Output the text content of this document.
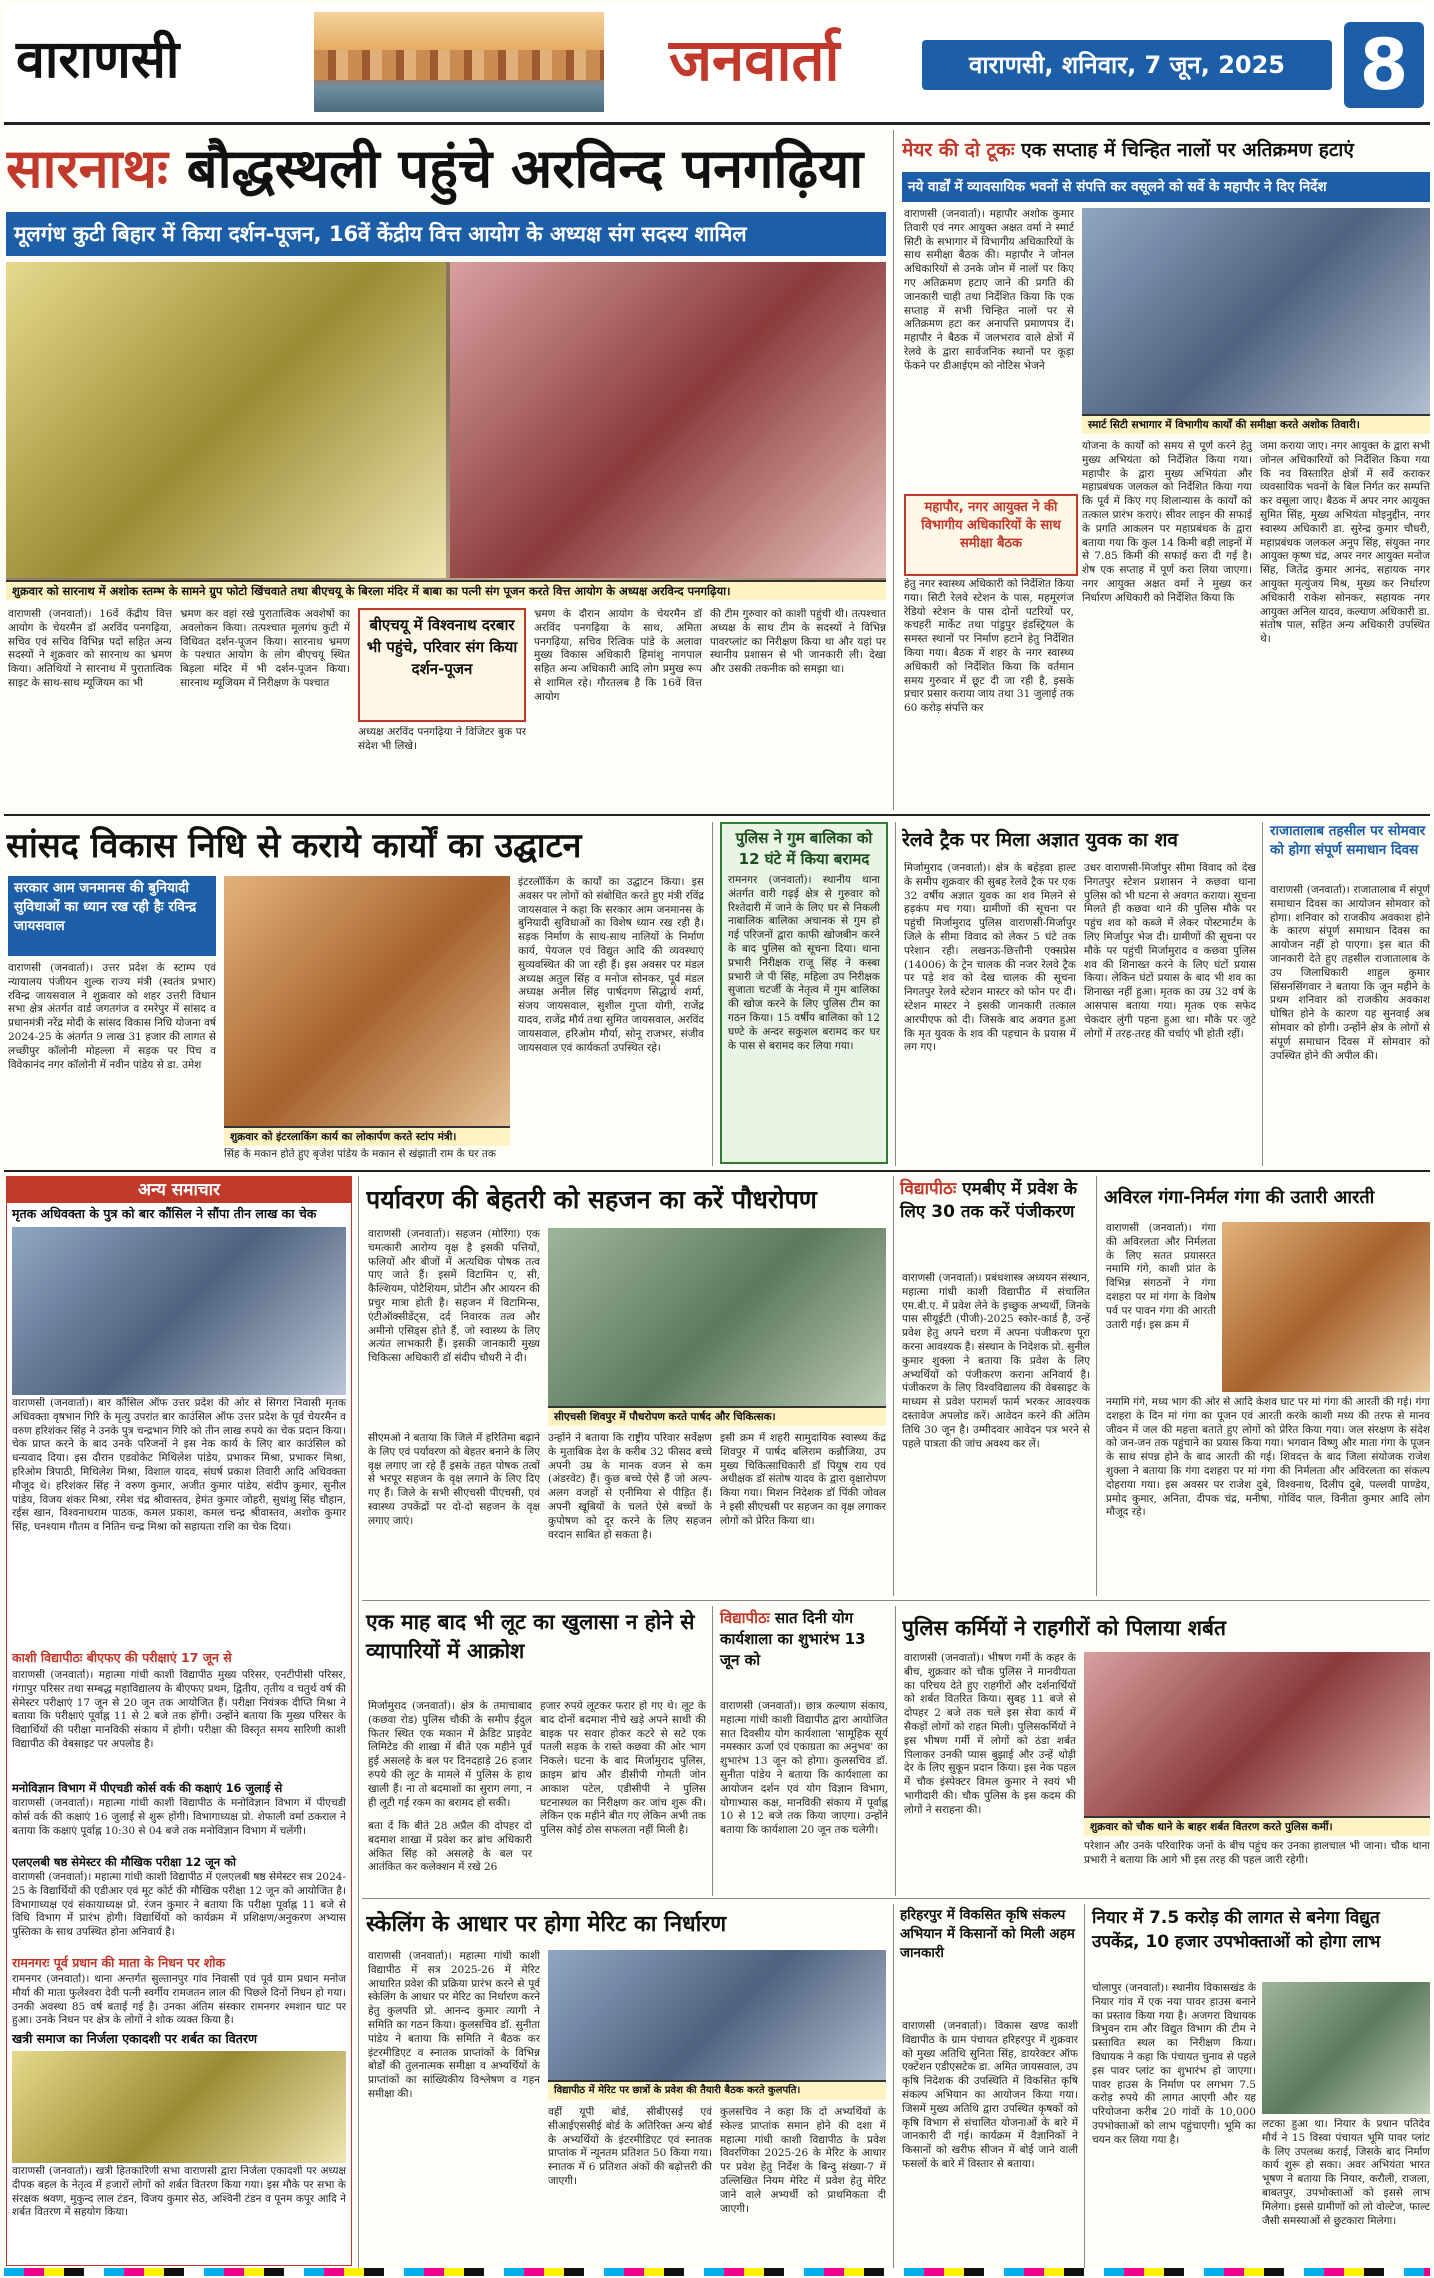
वाराणसी	जनवार्ता	वाराणसी, शनिवार, 7 जून, 2025	8
सारनाथः बौद्धस्थली पहुंचे अरविन्द पनगढ़िया
मूलगंध कुटी बिहार में किया दर्शन-पूजन, 16वें केंद्रीय वित्त आयोग के अध्यक्ष संग सदस्य शामिल
शुक्रवार को सारनाथ में अशोक स्तम्भ के सामने ग्रुप फोटो खिंचवाते तथा बीएचयू के बिरला मंदिर में बाबा का पत्नी संग पूजन करते वित्त आयोग के अध्यक्ष अरविन्द पनगढ़िया।
वाराणसी (जनवार्ता)। 16वें केंद्रीय वित्त आयोग के चेयरमैन डॉ अरविंद पनगढ़िया, सचिव एवं सचिव विभिन्न पदों सहित अन्य सदस्यों ने शुक्रवार को सारनाथ का भ्रमण किया। अतिथियों ने सारनाथ में पुरातात्विक साइट के साथ-साथ म्यूजियम का भी
भ्रमण कर वहां रखे पुरातात्विक अवशेषों का अवलोकन किया। तत्पश्चात मूलगंध कुटी में विधिवत दर्शन-पूजन किया। सारनाथ भ्रमण के पश्चात आयोग के लोग बीएचयू स्थित बिड़ला मंदिर में भी दर्शन-पूजन किया। सारनाथ म्यूजियम में निरीक्षण के पश्चात
बीएचयू में विश्वनाथ दरबार भी पहुंचे, परिवार संग किया दर्शन-पूजन
अध्यक्ष अरविंद पनगढ़िया ने विजिटर बुक पर संदेश भी लिखे।
भ्रमण के दौरान आयोग के चेयरमैन डॉ अरविंद पनगढ़िया के साथ, अमिता पनगढ़िया, सचिव रित्विक पांडे के अलावा मुख्य विकास अधिकारी हिमांशु नागपाल सहित अन्य अधिकारी आदि लोग प्रमुख रूप से शामिल रहे। गौरतलब है कि 16वें वित्त आयोग
की टीम गुरुवार को काशी पहुंची थी। तत्पश्चात अध्यक्ष के साथ टीम के सदस्यों ने विभिन्न पावरप्लांट का निरीक्षण किया था और यहां पर स्थानीय प्रशासन से भी जानकारी ली। देखा और उसकी तकनीक को समझा था।
मेयर की दो टूकः एक सप्ताह में चिन्हित नालों पर अतिक्रमण हटाएं
नये वार्डों में व्यावसायिक भवनों से संपत्ति कर वसूलने को सर्वे के महापौर ने दिए निर्देश
वाराणसी (जनवार्ता)। महापौर अशोक कुमार तिवारी एवं नगर आयुक्त अक्षत वर्मा ने स्मार्ट सिटी के सभागार में विभागीय अधिकारियों के साथ समीक्षा बैठक की। महापौर ने जोनल अधिकारियों से उनके जोन में नालों पर किए गए अतिक्रमण हटाए जाने की प्रगति की जानकारी चाही तथा निर्देशित किया कि एक सप्ताह में सभी चिन्हित नालों पर से अतिक्रमण हटा कर अनापत्ति प्रमाणपत्र दें। महापौर ने बैठक में जलभराव वाले क्षेत्रों में रेलवे के द्वारा सार्वजनिक स्थानों पर कूड़ा फेंकने पर डीआईएम को नोटिस भेजने
स्मार्ट सिटी सभागार में विभागीय कार्यों की समीक्षा करते अशोक तिवारी।
महापौर, नगर आयुक्त ने की विभागीय अधिकारियों के साथ समीक्षा बैठक
हेतु नगर स्वास्थ्य अधिकारी को निर्देशित किया गया। सिटी रेलवे स्टेशन के पास, महमूरगंज रेडियो स्टेशन के पास दोनों पटरियों पर, कचहरी मार्केट तथा पांडुपुर इंडस्ट्रियल के समस्त स्थानों पर निर्माण हटाने हेतु निर्देशित किया गया। बैठक में शहर के नगर स्वास्थ्य अधिकारी को निर्देशित किया कि वर्तमान समय गुरुवार में छूट दी जा रही है, इसके प्रचार प्रसार कराया जाय तथा 31 जुलाई तक 60 करोड़ संपत्ति कर
योजना के कार्यों को समय से पूर्ण करने हेतु मुख्य अभियंता को निर्देशित किया गया। महापौर के द्वारा मुख्य अभियंता और महाप्रबंधक जलकल को निर्देशित किया गया कि पूर्व में किए गए शिलान्यास के कार्यों को तत्काल प्रारंभ कराएं। सीवर लाइन की सफाई के प्रगति आकलन पर महाप्रबंधक के द्वारा बताया गया कि कुल 14 किमी बड़ी लाइनों में से 7.85 किमी की सफाई करा दी गई है। शेष एक सप्ताह में पूर्ण करा लिया जाएगा। नगर आयुक्त अक्षत वर्मा ने मुख्य कर निर्धारण अधिकारी को निर्देशित किया कि
जमा कराया जाए। नगर आयुक्त के द्वारा सभी जोनल अधिकारियों को निर्देशित किया गया कि नव विस्तारित क्षेत्रों में सर्वे कराकर व्यवसायिक भवनों के बिल निर्गत कर सम्पत्ति कर वसूला जाए। बैठक में अपर नगर आयुक्त सुमित सिंह, मुख्य अभियंता मोइनुद्दीन, नगर स्वास्थ्य अधिकारी डा. सुरेन्द्र कुमार चौधरी, महाप्रबंधक जलकल अनूप सिंह, संयुक्त नगर आयुक्त कृष्ण चंद्र, अपर नगर आयुक्त मनोज सिंह, जितेंद्र कुमार आनंद, सहायक नगर आयुक्त मृत्युंजय मिश्र, मुख्य कर निर्धारण अधिकारी राकेश सोनकर, सहायक नगर आयुक्त अनिल यादव, कल्याण अधिकारी डा. संतोष पाल, सहित अन्य अधिकारी उपस्थित थे।
सांसद विकास निधि से कराये कार्यों का उद्घाटन
सरकार आम जनमानस की बुनियादी सुविधाओं का ध्यान रख रही हैः रविन्द्र जायसवाल
वाराणसी (जनवार्ता)। उत्तर प्रदेश के स्टाम्प एवं न्यायालय पंजीयन शुल्क राज्य मंत्री (स्वतंत्र प्रभार) रविन्द्र जायसवाल ने शुक्रवार को शहर उत्तरी विधान सभा क्षेत्र अंतर्गत वार्ड जगतगंज व रमरेपुर में सांसद व प्रधानमंत्री नरेंद्र मोदी के सांसद विकास निधि योजना वर्ष 2024-25 के अंतर्गत 9 लाख 31 हजार की लागत से लच्छीपुर कॉलोनी मोहल्ला में सड़क पर पिच व विवेकानंद नगर कॉलोनी में नवीन पांडेय से डा. उमेश
शुक्रवार को इंटरलाकिंग कार्य का लोकार्पण करते स्टांप मंत्री।
सिंह के मकान होते हुए बृजेश पांडेय के मकान से खंझाती राम के घर तक
इंटरलॉकिंग के कार्यों का उद्घाटन किया। इस अवसर पर लोगों को संबोधित करते हुए मंत्री रविंद्र जायसवाल ने कहा कि सरकार आम जनमानस के बुनियादी सुविधाओं का विशेष ध्यान रख रही है। सड़क निर्माण के साथ-साथ नालियों के निर्माण कार्य, पेयजल एवं विद्युत आदि की व्यवस्थाएं सुव्यवस्थित की जा रही हैं। इस अवसर पर मंडल अध्यक्ष अतुल सिंह व मनोज सोनकर, पूर्व मंडल अध्यक्ष अनील सिंह पार्षदगण सिद्धार्थ शर्मा, संजय जायसवाल, सुशील गुप्ता योगी, राजेंद्र यादव, राजेंद्र मौर्य तथा सुमित जायसवाल, अरविंद जायसवाल, हरिओम मौर्या, सोनू राजभर, संजीव जायसवाल एवं कार्यकर्ता उपस्थित रहे।
पुलिस ने गुम बालिका को 12 घंटे में किया बरामद
रामनगर (जनवार्ता)। स्थानीय थाना अंतर्गत वारी गढ़ई क्षेत्र से गुरुवार को रिश्तेदारी में जाने के लिए घर से निकली नाबालिक बालिका अचानक से गुम हो गई परिजनों द्वारा काफी खोजबीन करने के बाद पुलिस को सूचना दिया। थाना प्रभारी निरीक्षक राजू सिंह ने कस्बा प्रभारी जे पी सिंह, महिला उप निरीक्षक सुजाता चटर्जी के नेतृत्व में गुम बालिका की खोज करने के लिए पुलिस टीम का गठन किया। 15 वर्षीय बालिका को 12 घण्टे के अन्दर सकुशल बरामद कर घर के पास से बरामद कर लिया गया।
रेलवे ट्रैक पर मिला अज्ञात युवक का शव
मिर्जामुराद (जनवार्ता)। क्षेत्र के बहेड़वा हाल्ट के समीप शुक्रवार की सुबह रेलवे ट्रैक पर एक 32 वर्षीय अज्ञात युवक का शव मिलने से हड़कंप मच गया। ग्रामीणों की सूचना पर पहुंची मिर्जामुराद पुलिस वाराणसी-मिर्जापुर जिले के सीमा विवाद को लेकर 5 घंटे तक परेशान रही। लखनऊ-छित्तौनी एक्सप्रेस (14006) के ट्रेन चालक की नजर रेलवे ट्रैक पर पड़े शव को देख चालक की सूचना निगतपुर रेलवे स्टेशन मास्टर को फोन पर दी। स्टेशन मास्टर ने इसकी जानकारी तत्काल आरपीएफ को दी। जिसके बाद अवगत हुआ कि मृत युवक के शव की पहचान के प्रयास में लग गए।
उधर वाराणसी-मिर्जापुर सीमा विवाद को देख निगतपुर स्टेशन प्रशासन ने कछवा थाना पुलिस को भी घटना से अवगत कराया। सूचना मिलते ही कछवा थाने की पुलिस मौके पर पहुंच शव को कब्जे में लेकर पोस्टमार्टम के लिए मिर्जापुर भेज दी। ग्रामीणों की सूचना पर मौके पर पहुंची मिर्जामुराद व कछवा पुलिस शव की शिनाख्त करने के लिए घंटों प्रयास किया। लेकिन घंटों प्रयास के बाद भी शव का शिनाख्त नहीं हुआ। मृतक का उम्र 32 वर्ष के आसपास बताया गया। मृतक एक सफेद चेकदार लुंगी पहना हुआ था। मौके पर जुटे लोगों में तरह-तरह की चर्चाएं भी होती रहीं।
राजातालाब तहसील पर सोमवार को होगा संपूर्ण समाधान दिवस
वाराणसी (जनवार्ता)। राजातालाब में संपूर्ण समाधान दिवस का आयोजन सोमवार को होगा। शनिवार को राजकीय अवकाश होने के कारण संपूर्ण समाधान दिवस का आयोजन नहीं हो पाएगा। इस बात की जानकारी देते हुए तहसील राजातालाब के उप जिलाधिकारी शाहुल कुमार सिंसनसिंगवार ने बताया कि जून महीने के प्रथम शनिवार को राजकीय अवकाश घोषित होने के कारण यह सुनवाई अब सोमवार को होगी। उन्होंने क्षेत्र के लोगों से संपूर्ण समाधान दिवस में सोमवार को उपस्थित होने की अपील की।
अन्य समाचार
मृतक अधिवक्ता के पुत्र को बार कौंसिल ने सौंपा तीन लाख का चेक
वाराणसी (जनवार्ता)। बार कौंसिल ऑफ उत्तर प्रदेश की ओर से सिगरा निवासी मृतक अधिवक्ता वृषभान गिरि के मृत्यु उपरांत बार काउंसिल ऑफ उत्तर प्रदेश के पूर्व चेयरमैन व वरुण हरिशंकर सिंह ने उनके पुत्र चन्द्रभान गिरि को तीन लाख रुपये का चेक प्रदान किया। चेक प्राप्त करने के बाद उनके परिजनों ने इस नेक कार्य के लिए बार काउंसिल को धन्यवाद दिया। इस दौरान एडवोकेट मिथिलेश पांडेय, प्रभाकर मिश्रा, प्रभाकर मिश्रा, हरिओम त्रिपाठी, मिथिलेश मिश्रा, विशाल यादव, संघर्ष प्रकाश तिवारी आदि अधिवक्ता मौजूद थे। हरिशंकर सिंह ने वरुण कुमार, अजीत कुमार पांडेय, संदीप कुमार, सुनील पांडेय, विजय शंकर मिश्रा, रमेश चंद्र श्रीवास्तव, हेमंत कुमार जोहरी, सुधांशु सिंह चौहान, रईस खान, विश्वनाथराम पाठक, कमल प्रकाश, कमल चन्द्र श्रीवास्तव, अशोक कुमार सिंह, घनश्याम गौतम व नितिन चन्द्र मिश्रा को सहायता राशि का चेक दिया।
काशी विद्यापीठः बीएफए की परीक्षाएं 17 जून से
वाराणसी (जनवार्ता)। महात्मा गांधी काशी विद्यापीठ मुख्य परिसर, एनटीपीसी परिसर, गंगापुर परिसर तथा सम्बद्ध महाविद्यालय के बीएफए प्रथम, द्वितीय, तृतीय व चतुर्थ वर्ष की सेमेस्टर परीक्षाएं 17 जून से 20 जून तक आयोजित हैं। परीक्षा नियंत्रक दीप्ति मिश्रा ने बताया कि परीक्षाएं पूर्वाह्न 11 से 2 बजे तक होंगी। उन्होंने बताया कि मुख्य परिसर के विद्यार्थियों की परीक्षा मानविकी संकाय में होगी। परीक्षा की विस्तृत समय सारिणी काशी विद्यापीठ की वेबसाइट पर अपलोड है।
मनोविज्ञान विभाग में पीएचडी कोर्स वर्क की कक्षाएं 16 जुलाई से
वाराणसी (जनवार्ता)। महात्मा गांधी काशी विद्यापीठ के मनोविज्ञान विभाग में पीएचडी कोर्स वर्क की कक्षाएं 16 जुलाई से शुरू होंगी। विभागाध्यक्ष प्रो. शेफाली वर्मा ठकराल ने बताया कि कक्षाएं पूर्वाह्न 10:30 से 04 बजे तक मनोविज्ञान विभाग में चलेंगी।
एलएलबी षष्ठ सेमेस्टर की मौखिक परीक्षा 12 जून को
वाराणसी (जनवार्ता)। महात्मा गांधी काशी विद्यापीठ में एलएलबी षष्ठ सेमेस्टर सत्र 2024-25 के विद्यार्थियों की एडीआर एवं मूट कोर्ट की मौखिक परीक्षा 12 जून को आयोजित है। विभागाध्यक्ष एवं संकायाध्यक्ष प्रो. रंजन कुमार ने बताया कि परीक्षा पूर्वाह्न 11 बजे से विधि विभाग में प्रारंभ होगी। विद्यार्थियों को कार्यक्रम में प्रशिक्षण/अनुकरण अभ्यास पुस्तिका के साथ उपस्थित होना अनिवार्य है।
रामनगरः पूर्व प्रधान की माता के निधन पर शोक
रामनगर (जनवार्ता)। थाना अन्तर्गत सुल्तानपुर गांव निवासी एवं पूर्व ग्राम प्रधान मनोज मौर्या की माता फुलेश्वरा देवी पत्नी स्वर्गीय रामजतन लाल की पिछले दिनों निधन हो गया। उनकी अवस्था 85 वर्ष बताई गई है। उनका अंतिम संस्कार रामनगर श्मशान घाट पर हुआ। उनके निधन पर क्षेत्र के लोगों ने शोक व्यक्त किया है।
खत्री समाज का निर्जला एकादशी पर शर्बत का वितरण
वाराणसी (जनवार्ता)। खत्री हितकारिणी सभा वाराणसी द्वारा निर्जला एकादशी पर अध्यक्ष दीपक बहल के नेतृत्व में हजारों लोगों को शर्बत वितरण किया गया। इस मौके पर सभा के संरक्षक श्रवण, मुकुन्द लाल टंडन, विजय कुमार सेठ, अश्विनी टंडन व पूनम कपूर आदि ने शर्बत वितरण में सहयोग किया।
पर्यावरण की बेहतरी को सहजन का करें पौधरोपण
वाराणसी (जनवार्ता)। सहजन (मोरिंगा) एक चमत्कारी आरोग्य वृक्ष है इसकी पत्तियों, फलियों और बीजों में अत्यधिक पोषक तत्व पाए जाते हैं। इसमें विटामिन ए, सी, कैल्शियम, पोटैशियम, प्रोटीन और आयरन की प्रचुर मात्रा होती है। सहजन में विटामिन्स, एंटीऑक्सीडेंट्स, दर्द निवारक तत्व और अमीनो एसिड्स होते हैं, जो स्वास्थ्य के लिए अत्यंत लाभकारी हैं। इसकी जानकारी मुख्य चिकित्सा अधिकारी डॉ संदीप चौधरी ने दी।
सीएचसी शिवपुर में पौधरोपण करते पार्षद और चिकित्सक।
सीएमओ ने बताया कि जिले में हरितिमा बढ़ाने के लिए एवं पर्यावरण को बेहतर बनाने के लिए वृक्ष लगाए जा रहे हैं इसके तहत पोषक तत्वों से भरपूर सहजन के वृक्ष लगाने के लिए दिए गए हैं। जिले के सभी सीएचसी पीएचसी, एवं स्वास्थ्य उपकेंद्रों पर दो-दो सहजन के वृक्ष लगाए जाएं।
उन्होंने ने बताया कि राष्ट्रीय परिवार सर्वेक्षण के मुताबिक देश के करीब 32 फीसद बच्चे अपनी उम्र के मानक वजन से कम (अंडरवेट) हैं। कुछ बच्चे ऐसे हैं जो अल्प-अलग वजहों से एनीमिया से पीड़ित हैं। अपनी खूबियों के चलते ऐसे बच्चों के कुपोषण को दूर करने के लिए सहजन वरदान साबित हो सकता है।
इसी क्रम में शहरी सामुदायिक स्वास्थ्य केंद्र शिवपुर में पार्षद बलिराम कन्नौजिया, उप मुख्य चिकित्साधिकारी डॉ पियूष राय एवं अधीक्षक डॉ संतोष यादव के द्वारा वृक्षारोपण किया गया। मिशन निदेशक डॉ पिंकी जोवल ने इसी सीएचसी पर सहजन का वृक्ष लगाकर लोगों को प्रेरित किया था।
विद्यापीठः एमबीए में प्रवेश के लिए 30 तक करें पंजीकरण
वाराणसी (जनवार्ता)। प्रबंधशास्त्र अध्ययन संस्थान, महात्मा गांधी काशी विद्यापीठ में संचालित एम.बी.ए. में प्रवेश लेने के इच्छुक अभ्यर्थी, जिनके पास सीयूईटी (पीजी)-2025 स्कोर-कार्ड है, उन्हें प्रवेश हेतु अपने चरण में अपना पंजीकरण पूरा करना आवश्यक है। संस्थान के निदेशक प्रो. सुनील कुमार शुक्ला ने बताया कि प्रवेश के लिए अभ्यर्थियों को पंजीकरण कराना अनिवार्य है। पंजीकरण के लिए विश्वविद्यालय की वेबसाइट के माध्यम से प्रवेश परामर्श फार्म भरकर आवश्यक दस्तावेज अपलोड करें। आवेदन करने की अंतिम तिथि 30 जून है। उम्मीदवार आवेदन पत्र भरने से पहले पात्रता की जांच अवश्य कर लें।
अविरल गंगा-निर्मल गंगा की उतारी आरती
वाराणसी (जनवार्ता)। गंगा की अविरलता और निर्मलता के लिए सतत प्रयासरत नमामि गंगे, काशी प्रांत के विभिन्न संगठनों ने गंगा दशहरा पर मां गंगा के विशेष पर्व पर पावन गंगा की आरती उतारी गई। इस क्रम में
नमामि गंगे, मध्य भाग की ओर से आदि केशव घाट पर मां गंगा की आरती की गई। गंगा दशहरा के दिन मां गंगा का पूजन एवं आरती करके काशी मध्य की तरफ से मानव जीवन में जल की महत्ता बताते हुए लोगों को प्रेरित किया गया। जल संरक्षण के संदेश को जन-जन तक पहुंचाने का प्रयास किया गया। भगवान विष्णु और माता गंगा के पूजन के साथ संपन्न होने के बाद आरती की गई। शिवदत्त के बाद जिला संयोजक राजेश शुक्ला ने बताया कि गंगा दशहरा पर मां गंगा की निर्मलता और अविरलता का संकल्प दोहराया गया। इस अवसर पर राजेश दुबे, विश्वनाथ, दिलीप दुबे, पल्लवी पाण्डेय, प्रमोद कुमार, अनिता, दीपक चंद्र, मनीषा, गोविंद पाल, विनीता कुमार आदि लोग मौजूद रहे।
एक माह बाद भी लूट का खुलासा न होने से व्यापारियों में आक्रोश
मिर्जामुराद (जनवार्ता)। क्षेत्र के तमाचाबाद (कछवा रोड) पुलिस चौकी के समीप ईदुल फितर स्थित एक मकान में क्रेडिट प्राइवेट लिमिटेड की शाखा में बीते एक महीने पूर्व हुई असलहे के बल पर दिनदहाड़े 26 हजार रुपये की लूट के मामले में पुलिस के हाथ खाली हैं। ना तो बदमाशों का सुराग लगा, न ही लूटी गई रकम का बरामद हो सकी।
बता दें कि बीते 28 अप्रैल की दोपहर दो बदमाश शाखा में प्रवेश कर ब्रांच अधिकारी अंकित सिंह को असलहे के बल पर आतंकित कर कलेक्शन में रखे 26
हजार रुपये लूटकर फरार हो गए थे। लूट के बाद दोनों बदमाश नीचे खड़े अपने साथी की बाइक पर सवार होकर कटरे से सटे एक पतली सड़क के रास्ते कछवा की ओर भाग निकले। घटना के बाद मिर्जामुराद पुलिस, क्राइम ब्रांच और डीसीपी गोमती जोन आकाश पटेल, एडीसीपी ने पुलिस घटनास्थल का निरीक्षण कर जांच शुरू की। लेकिन एक महीने बीत गए लेकिन अभी तक पुलिस कोई ठोस सफलता नहीं मिली है।
विद्यापीठः सात दिनी योग कार्यशाला का शुभारंभ 13 जून को
वाराणसी (जनवार्ता)। छात्र कल्याण संकाय, महात्मा गांधी काशी विद्यापीठ द्वारा आयोजित सात दिवसीय योग कार्यशाला 'सामूहिक सूर्य नमस्कार ऊर्जा एवं एकाग्रता का अनुभव' का शुभारंभ 13 जून को होगा। कुलसचिव डॉ. सुनीता पांडेय ने बताया कि कार्यशाला का आयोजन दर्शन एवं योग विज्ञान विभाग, योगाभ्यास कक्ष, मानविकी संकाय में पूर्वाह्न 10 से 12 बजे तक किया जाएगा। उन्होंने बताया कि कार्यशाला 20 जून तक चलेगी।
पुलिस कर्मियों ने राहगीरों को पिलाया शर्बत
वाराणसी (जनवार्ता)। भीषण गर्मी के कहर के बीच, शुक्रवार को चौक पुलिस ने मानवीयता का परिचय देते हुए राहगीरों और दर्शनार्थियों को शर्बत वितरित किया। सुबह 11 बजे से दोपहर 2 बजे तक चले इस सेवा कार्य में सैकड़ों लोगों को राहत मिली। पुलिसकर्मियों ने इस भीषण गर्मी में लोगों को ठंडा शर्बत पिलाकर उनकी प्यास बुझाई और उन्हें थोड़ी देर के लिए सुकून प्रदान किया। इस नेक पहल में चौक इंस्पेक्टर विमल कुमार ने स्वयं भी भागीदारी की। चौक पुलिस के इस कदम की लोगों ने सराहना की।
शुक्रवार को चौक थाने के बाहर शर्बत वितरण करते पुलिस कर्मी।
परेशान और उनके परिवारिक जनों के बीच पहुंच कर उनका हालचाल भी जाना। चौक थाना प्रभारी ने बताया कि आगे भी इस तरह की पहल जारी रहेगी।
स्केलिंग के आधार पर होगा मेरिट का निर्धारण
वाराणसी (जनवार्ता)। महात्मा गांधी काशी विद्यापीठ में सत्र 2025-26 में मेरिट आधारित प्रवेश की प्रक्रिया प्रारंभ करने से पूर्व स्केलिंग के आधार पर मेरिट का निर्धारण करने हेतु कुलपति प्रो. आनन्द कुमार त्यागी ने समिति का गठन किया। कुलसचिव डॉ. सुनीता पांडेय ने बताया कि समिति ने बैठक कर इंटरमीडिएट व स्नातक प्राप्तांकों के विभिन्न बोर्डों की तुलनात्मक समीक्षा व अभ्यर्थियों के प्राप्तांकों का सांख्यिकीय विश्लेषण व गहन समीक्षा की।	विद्यापीठ में मेरिट पर छात्रों के प्रवेश की तैयारी बैठक करते कुलपति।
वहीं यूपी बोर्ड, सीबीएसई एवं सीआईएससीई बोर्ड के अतिरिक्त अन्य बोर्ड के अभ्यर्थियों के इंटरमीडिएट एवं स्नातक प्राप्तांक में न्यूनतम प्रतिशत 50 किया गया। स्नातक में 6 प्रतिशत अंकों की बढ़ोत्तरी की जाएगी।
कुलसचिव ने कहा कि दो अभ्यर्थियों के स्केल्ड प्राप्तांक समान होने की दशा में महात्मा गांधी काशी विद्यापीठ के प्रवेश विवरणिका 2025-26 के मेरिट के आधार पर प्रवेश हेतु निर्देश के बिन्दु संख्या-7 में उल्लिखित नियम मेरिट में प्रवेश हेतु मेरिट जाने वाले अभ्यर्थी को प्राथमिकता दी जाएगी।
हरिहरपुर में विकसित कृषि संकल्प अभियान में किसानों को मिली अहम जानकारी
वाराणसी (जनवार्ता)। विकास खण्ड काशी विद्यापीठ के ग्राम पंचायत हरिहरपुर में शुक्रवार को मुख्य अतिथि सुनिता सिंह, डायरेक्टर ऑफ एक्टेंशन एडीएसटेक डा. अमित जायसवाल, उप कृषि निदेशक की उपस्थिति में विकसित कृषि संकल्प अभियान का आयोजन किया गया। जिसमें मुख्य अतिथि द्वारा उपस्थित कृषकों को कृषि विभाग से संचालित योजनाओं के बारे में जानकारी दी गई। कार्यक्रम में वैज्ञानिकों ने किसानों को खरीफ सीजन में बोई जाने वाली फसलों के बारे में विस्तार से बताया।
नियार में 7.5 करोड़ की लागत से बनेगा विद्युत उपकेंद्र, 10 हजार उपभोक्ताओं को होगा लाभ
चोलापुर (जनवार्ता)। स्थानीय विकासखंड के नियार गांव में एक नया पावर हाउस बनाने का प्रस्ताव किया गया है। अजगरा विधायक त्रिभुवन राम और विद्युत विभाग की टीम ने प्रस्तावित स्थल का निरीक्षण किया। विधायक ने कहा कि पंचायत चुनाव से पहले इस पावर प्लांट का शुभारंभ हो जाएगा। पावर हाउस के निर्माण पर लगभग 7.5 करोड़ रुपये की लागत आएगी और यह परियोजना करीब 20 गांवों के 10,000 उपभोक्ताओं को लाभ पहुंचाएगी। भूमि का चयन कर लिया गया है।
लटका हुआ था। नियार के प्रधान पतिदेव मौर्य ने 15 विस्वा पंचायत भूमि पावर प्लांट के लिए उपलब्ध कराई, जिसके बाद निर्माण कार्य शुरू हो सका। अवर अभियंता भारत भूषण ने बताया कि नियार, करौली, राजला, बाबतपुर, उपभोक्ताओं को इससे लाभ मिलेगा। इससे ग्रामीणों को लो वोल्टेज, फाल्ट जैसी समस्याओं से छुटकारा मिलेगा।
